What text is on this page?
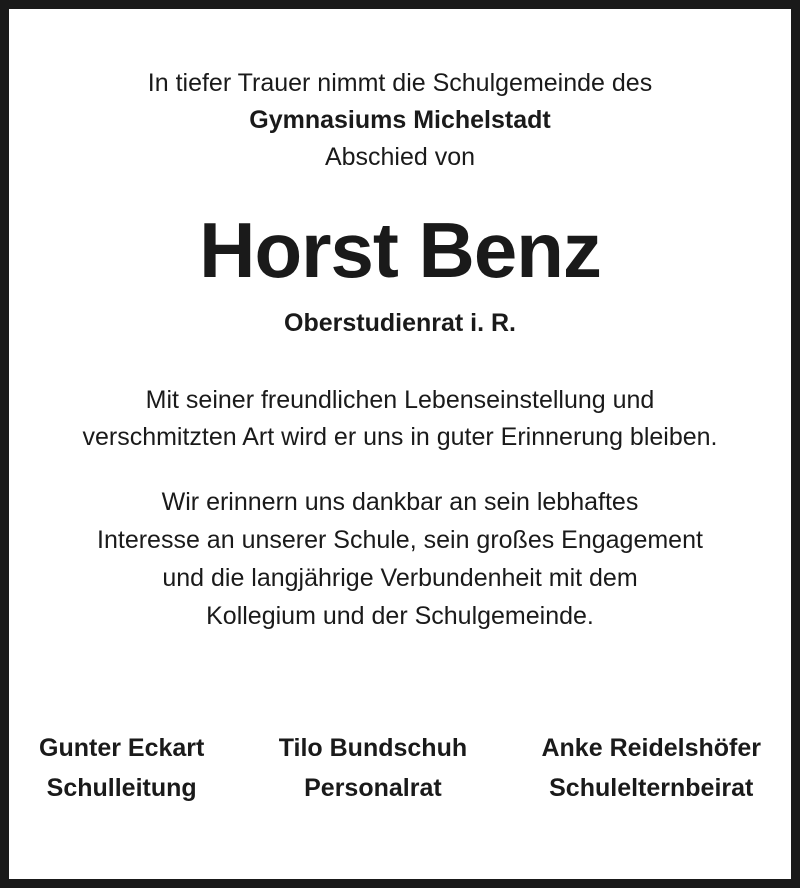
In tiefer Trauer nimmt die Schulgemeinde des
Gymnasiums Michelstadt
Abschied von
Horst Benz
Oberstudienrat i. R.
Mit seiner freundlichen Lebenseinstellung und
verschmitzten Art wird er uns in guter Erinnerung bleiben.
Wir erinnern uns dankbar an sein lebhaftes
Interesse an unserer Schule, sein großes Engagement
und die langjährige Verbundenheit mit dem
Kollegium und der Schulgemeinde.
Gunter Eckart
Schulleitung
Tilo Bundschuh
Personalrat
Anke Reidelshöfer
Schulelternbeirat
